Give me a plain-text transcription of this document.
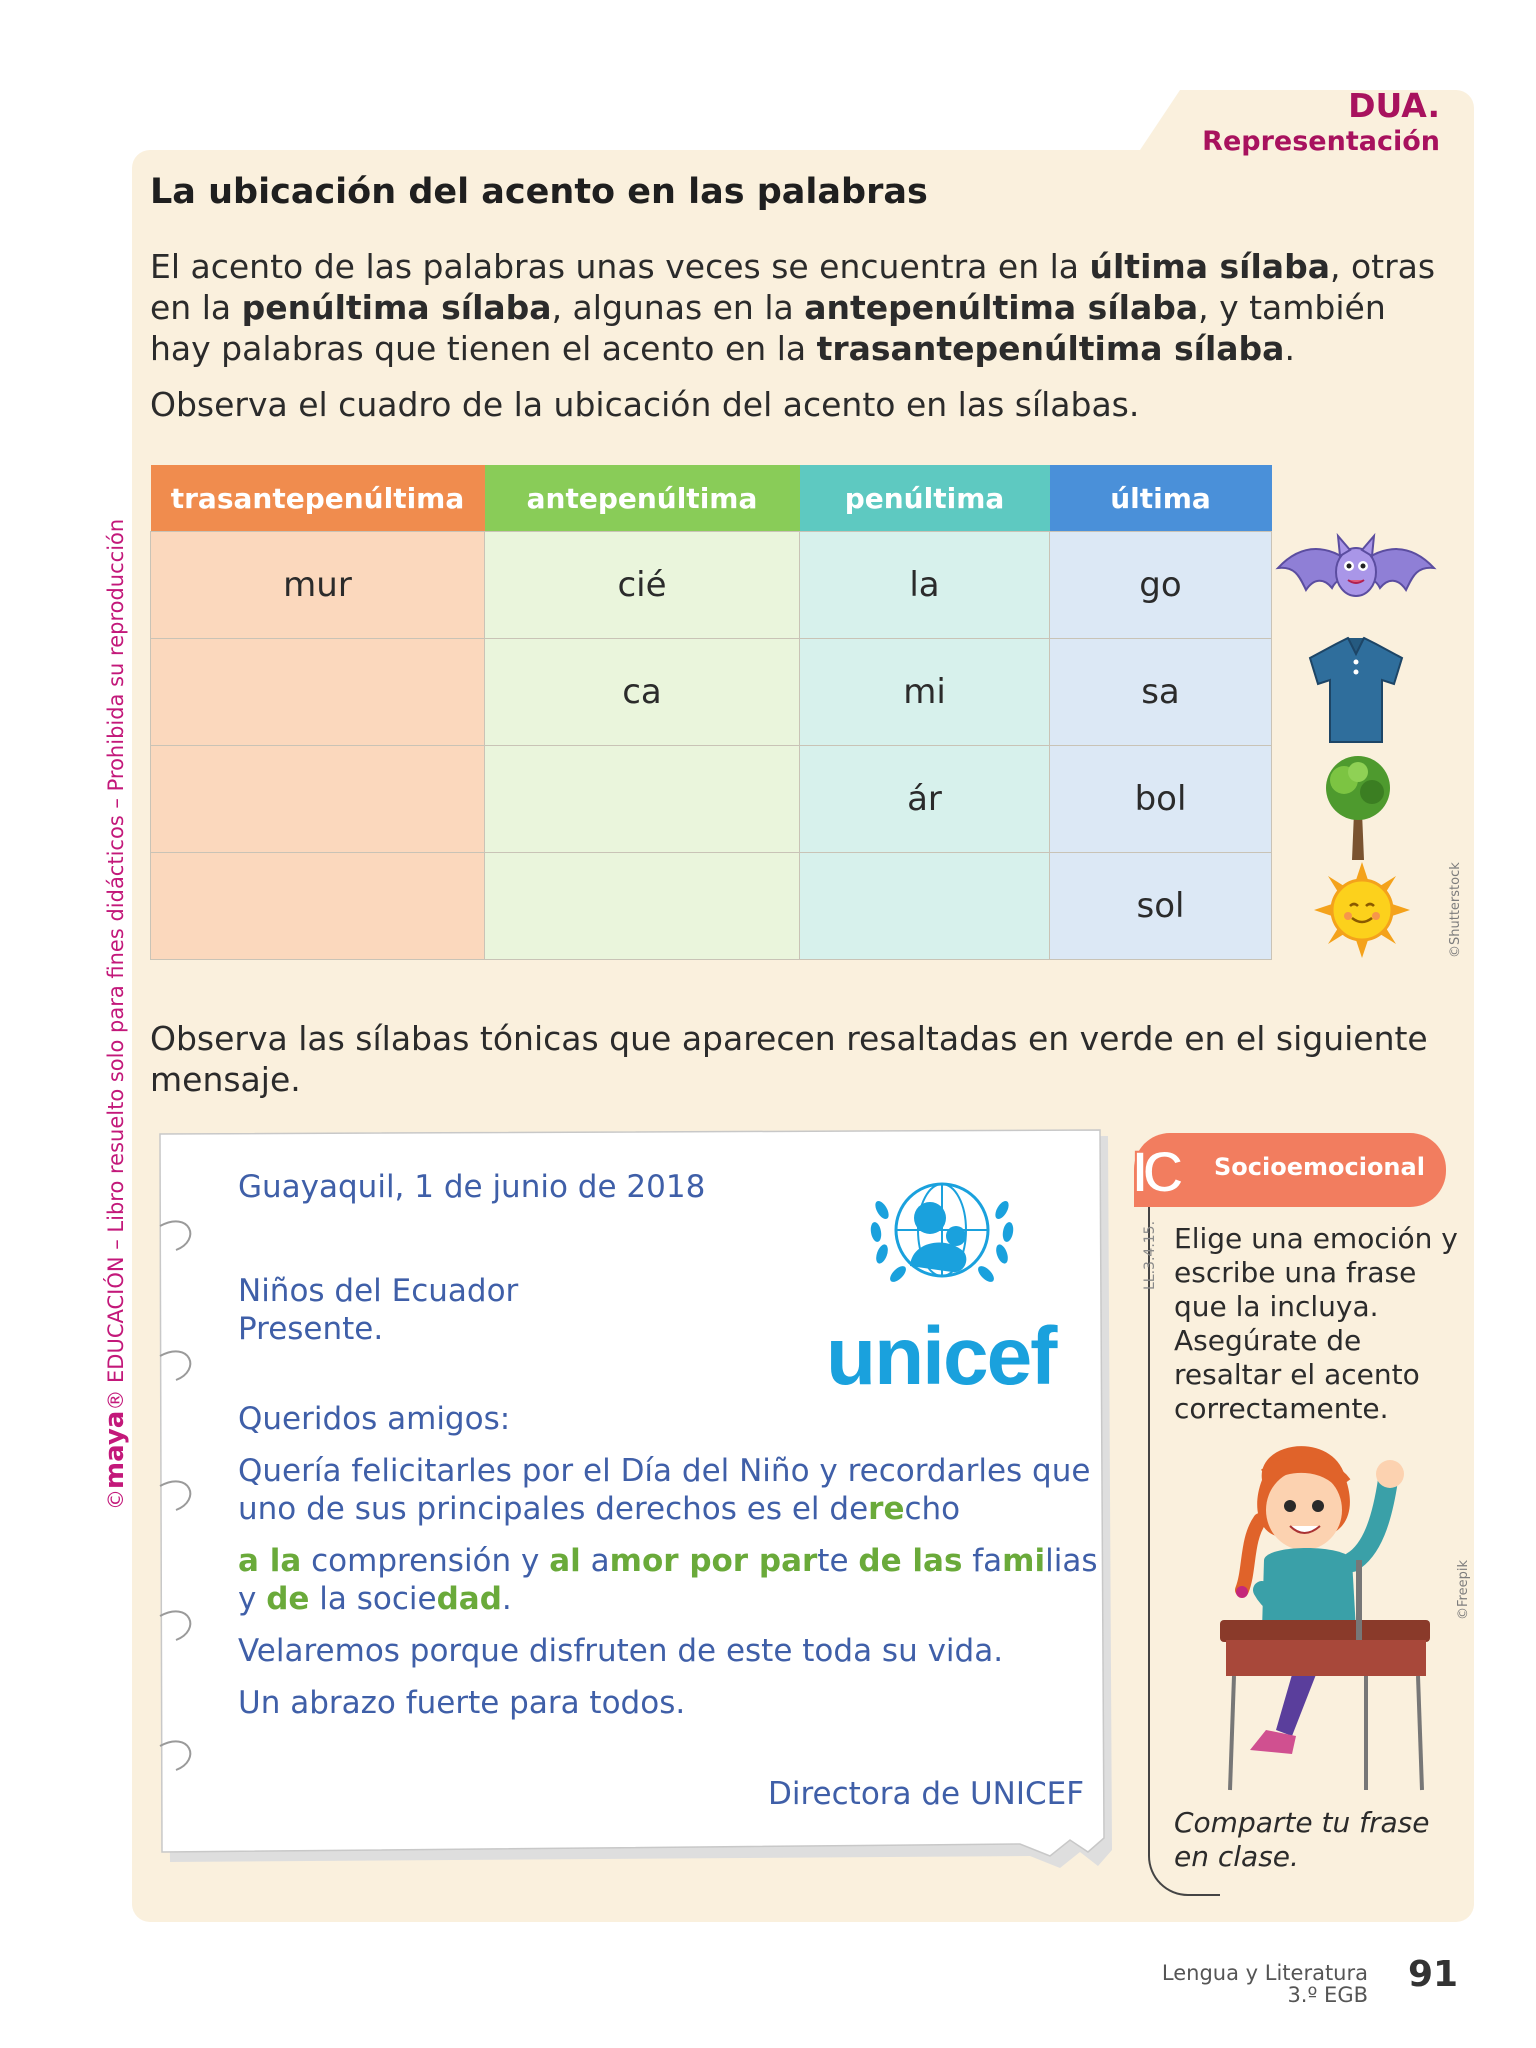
DUA.
Representación
©maya® EDUCACIÓN – Libro resuelto solo para fines didácticos – Prohibida su reproducción
La ubicación del acento en las palabras
El acento de las palabras unas veces se encuentra en la última sílaba, otras en la penúltima sílaba, algunas en la antepenúltima sílaba, y también hay palabras que tienen el acento en la trasantepenúltima sílaba.
Observa el cuadro de la ubicación del acento en las sílabas.
trasantepenúltima	antepenúltima	penúltima	última
mur	cié	la	go
	ca	mi	sa
		ár	bol
			sol	©Shutterstock
Observa las sílabas tónicas que aparecen resaltadas en verde en el siguiente mensaje.
unicef
Guayaquil, 1 de junio de 2018
Niños del Ecuador
Presente.
Queridos amigos:
Quería felicitarles por el Día del Niño y recordarles que
uno de sus principales derechos es el derecho
a la comprensión y al amor por parte de las familias
y de la sociedad.
Velaremos porque disfruten de este toda su vida.
Un abrazo fuerte para todos.
Directora de UNICEF
Socioemocional
IC
LL.3.4.15. Elige una emoción y escribe una frase que la incluya. Asegúrate de resaltar el acento correctamente.
©Freepik
Comparte tu frase en clase.
Lengua y Literatura
3.º EGB 91
